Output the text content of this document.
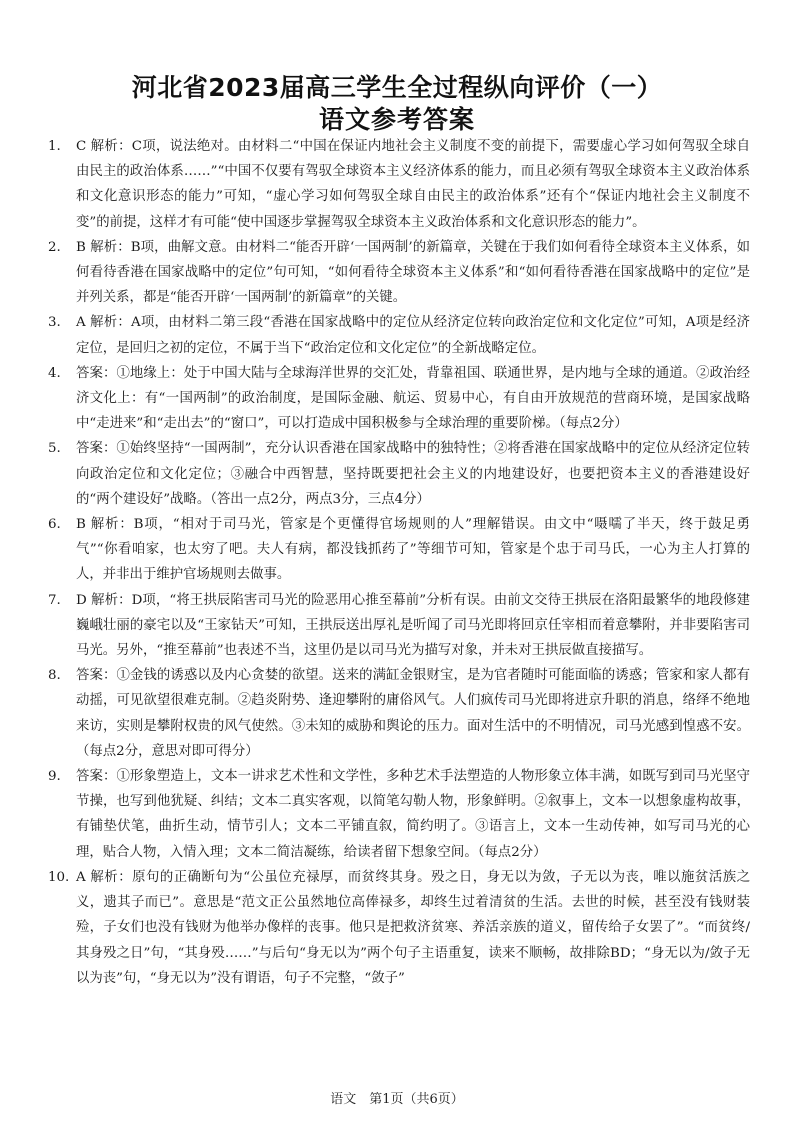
河北省2023届高三学生全过程纵向评价（一）
语文参考答案
1. C 解析：C项，说法绝对。由材料二“中国在保证内地社会主义制度不变的前提下，需要虚心学习如何驾驭全球自由民主的政治体系……”“中国不仅要有驾驭全球资本主义经济体系的能力，而且必须有驾驭全球资本主义政治体系和文化意识形态的能力”可知，“虚心学习如何驾驭全球自由民主的政治体系”还有个“保证内地社会主义制度不变”的前提，这样才有可能“使中国逐步掌握驾驭全球资本主义政治体系和文化意识形态的能力”。

2. B 解析：B项，曲解文意。由材料二“能否开辟‘一国两制’的新篇章，关键在于我们如何看待全球资本主义体系，如何看待香港在国家战略中的定位”句可知，“如何看待全球资本主义体系”和“如何看待香港在国家战略中的定位”是并列关系，都是“能否开辟‘一国两制’的新篇章”的关键。

3. A 解析：A项，由材料二第三段“香港在国家战略中的定位从经济定位转向政治定位和文化定位”可知，A项是经济定位，是回归之初的定位，不属于当下“政治定位和文化定位”的全新战略定位。

4. 答案：①地缘上：处于中国大陆与全球海洋世界的交汇处，背靠祖国、联通世界，是内地与全球的通道。②政治经济文化上：有“一国两制”的政治制度，是国际金融、航运、贸易中心，有自由开放规范的营商环境，是国家战略中“走进来”和“走出去”的“窗口”，可以打造成中国积极参与全球治理的重要阶梯。（每点2分）

5. 答案：①始终坚持“一国两制”，充分认识香港在国家战略中的独特性；②将香港在国家战略中的定位从经济定位转向政治定位和文化定位；③融合中西智慧，坚持既要把社会主义的内地建设好，也要把资本主义的香港建设好的“两个建设好”战略。（答出一点2分，两点3分，三点4分）

6. B 解析：B项，“相对于司马光，管家是个更懂得官场规则的人”理解错误。由文中“嗫嚅了半天，终于鼓足勇气”“你看咱家，也太穷了吧。夫人有病，都没钱抓药了”等细节可知，管家是个忠于司马氏，一心为主人打算的人，并非出于维护官场规则去做事。

7. D 解析：D项，“将王拱辰陷害司马光的险恶用心推至幕前”分析有误。由前文交待王拱辰在洛阳最繁华的地段修建巍峨壮丽的豪宅以及“王家钻天”可知，王拱辰送出厚礼是听闻了司马光即将回京任宰相而着意攀附，并非要陷害司马光。另外，“推至幕前”也表述不当，这里仍是以司马光为描写对象，并未对王拱辰做直接描写。

8. 答案：①金钱的诱惑以及内心贪婪的欲望。送来的满缸金银财宝，是为官者随时可能面临的诱惑；管家和家人都有动摇，可见欲望很难克制。②趋炎附势、逢迎攀附的庸俗风气。人们疯传司马光即将进京升职的消息，络绎不绝地来访，实则是攀附权贵的风气使然。③未知的威胁和舆论的压力。面对生活中的不明情况，司马光感到惶惑不安。（每点2分，意思对即可得分）

9. 答案：①形象塑造上，文本一讲求艺术性和文学性，多种艺术手法塑造的人物形象立体丰满，如既写到司马光坚守节操，也写到他犹疑、纠结；文本二真实客观，以简笔勾勒人物，形象鲜明。②叙事上，文本一以想象虚构故事，有铺垫伏笔，曲折生动，情节引人；文本二平铺直叙，简约明了。③语言上，文本一生动传神，如写司马光的心理，贴合人物，入情入理；文本二简洁凝练，给读者留下想象空间。（每点2分）

10. A 解析：原句的正确断句为“公虽位充禄厚，而贫终其身。殁之日，身无以为敛，子无以为丧，唯以施贫活族之义，遗其子而已”。意思是“范文正公虽然地位高俸禄多，却终生过着清贫的生活。去世的时候，甚至没有钱财装殓，子女们也没有钱财为他举办像样的丧事。他只是把救济贫寒、养活亲族的道义，留传给子女罢了”。“而贫终/其身殁之日”句，“其身殁……”与后句“身无以为”两个句子主语重复，读来不顺畅，故排除BD；“身无以为/敛子无以为丧”句，“身无以为”没有谓语，句子不完整，“敛子”

语文　第1页（共6页）
